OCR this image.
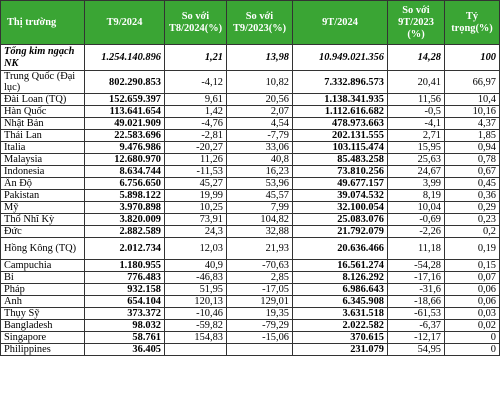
Thị trường	T9/2024	So với T8/2024(%)	So với T9/2023(%)	9T/2024	So với 9T/2023 (%)	Tỷ trọng(%)
Tổng kim ngạch NK	1.254.140.896	1,21	13,98	10.949.021.356	14,28	100
Trung Quốc (Đại lục)	802.290.853	-4,12	10,82	7.332.896.573	20,41	66,97
Đài Loan (TQ)	152.659.397	9,61	20,56	1.138.341.935	11,56	10,4
Hàn Quốc	113.641.654	1,42	2,07	1.112.616.682	-0,5	10,16
Nhật Bản	49.021.909	-4,76	4,54	478.973.663	-4,1	4,37
Thái Lan	22.583.696	-2,81	-7,79	202.131.555	2,71	1,85
Italia	9.476.986	-20,27	33,06	103.115.474	15,95	0,94
Malaysia	12.680.970	11,26	40,8	85.483.258	25,63	0,78
Indonesia	8.634.744	-11,53	16,23	73.810.256	24,67	0,67
Ấn Độ	6.756.650	45,27	53,96	49.677.157	3,99	0,45
Pakistan	5.898.122	19,99	45,57	39.074.532	8,19	0,36
Mỹ	3.970.898	10,25	7,99	32.100.054	10,04	0,29
Thổ Nhĩ Kỳ	3.820.009	73,91	104,82	25.083.076	-0,69	0,23
Đức	2.882.589	24,3	32,88	21.792.079	-2,26	0,2
Hồng Kông (TQ)	2.012.734	12,03	21,93	20.636.466	11,18	0,19
Campuchia	1.180.955	40,9	-70,63	16.561.274	-54,28	0,15
Bỉ	776.483	-46,83	2,85	8.126.292	-17,16	0,07
Pháp	932.158	51,95	-17,05	6.986.643	-31,6	0,06
Anh	654.104	120,13	129,01	6.345.908	-18,66	0,06
Thụy Sỹ	373.372	-10,46	19,35	3.631.518	-61,53	0,03
Bangladesh	98.032	-59,82	-79,29	2.022.582	-6,37	0,02
Singapore	58.761	154,83	-15,06	370.615	-12,17	0
Philippines	36.405			231.079	54,95	0
